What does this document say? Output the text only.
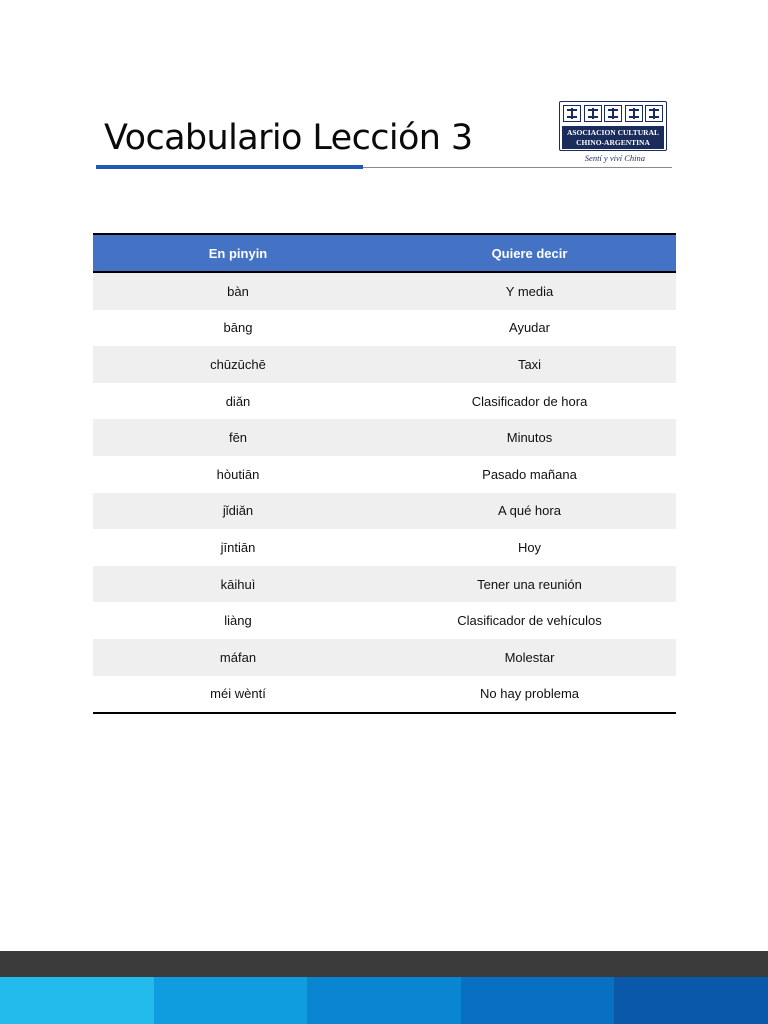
Vocabulario Lección 3	ASOCIACION CULTURAL
CHINO-ARGENTINA
Sentí y viví China
En pinyin	Quiere decir
bàn	Y media
bāng	Ayudar
chūzūchē	Taxi
diǎn	Clasificador de hora
fēn	Minutos
hòutiān	Pasado mañana
jǐdiǎn	A qué hora
jīntiān	Hoy
kāihuì	Tener una reunión
liàng	Clasificador de vehículos
máfan	Molestar
méi wèntí	No hay problema
